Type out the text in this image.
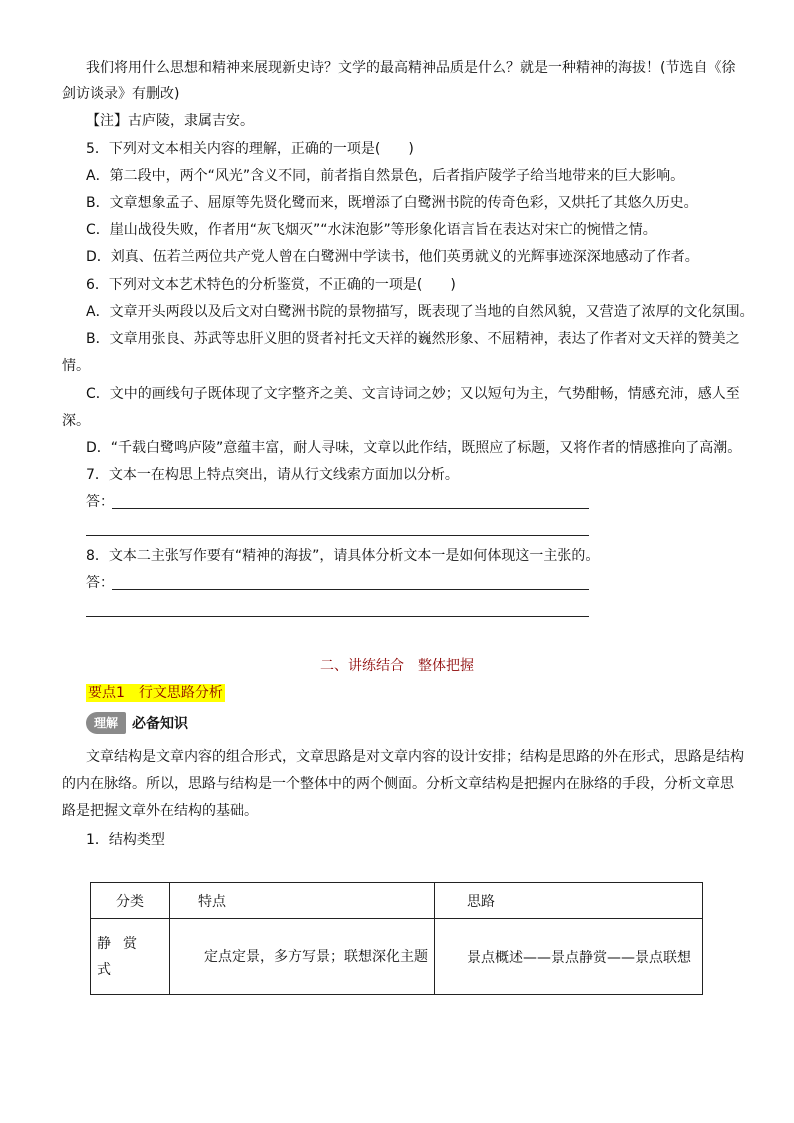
我们将用什么思想和精神来展现新史诗？文学的最高精神品质是什么？就是一种精神的海拔！(节选自《徐
剑访谈录》有删改)
【注】古庐陵，隶属吉安。
5．下列对文本相关内容的理解，正确的一项是(　　)
A．第二段中，两个“风光”含义不同，前者指自然景色，后者指庐陵学子给当地带来的巨大影响。
B．文章想象孟子、屈原等先贤化鹭而来，既增添了白鹭洲书院的传奇色彩，又烘托了其悠久历史。
C．崖山战役失败，作者用“灰飞烟灭”“水沫泡影”等形象化语言旨在表达对宋亡的惋惜之情。
D．刘真、伍若兰两位共产党人曾在白鹭洲中学读书，他们英勇就义的光辉事迹深深地感动了作者。
6．下列对文本艺术特色的分析鉴赏，不正确的一项是(　　)
A．文章开头两段以及后文对白鹭洲书院的景物描写，既表现了当地的自然风貌，又营造了浓厚的文化氛围。
B．文章用张良、苏武等忠肝义胆的贤者衬托文天祥的巍然形象、不屈精神，表达了作者对文天祥的赞美之
情。
C．文中的画线句子既体现了文字整齐之美、文言诗词之妙；又以短句为主，气势酣畅，情感充沛，感人至
深。
D．“千载白鹭鸣庐陵”意蕴丰富，耐人寻味，文章以此作结，既照应了标题，又将作者的情感推向了高潮。
7．文本一在构思上特点突出，请从行文线索方面加以分析。
答：
8．文本二主张写作要有“精神的海拔”，请具体分析文本一是如何体现这一主张的。
答：
二、讲练结合　整体把握
要点1　行文思路分析
理解	必备知识
文章结构是文章内容的组合形式，文章思路是对文章内容的设计安排；结构是思路的外在形式，思路是结构的内在脉络。所以，思路与结构是一个整体中的两个侧面。分析文章结构是把握内在脉络的手段，分析文章思路是把握文章外在结构的基础。
1．结构类型
分类	特点	思路
静赏式	定点定景，多方写景；联想深化主题	景点概述——景点静赏——景点联想
